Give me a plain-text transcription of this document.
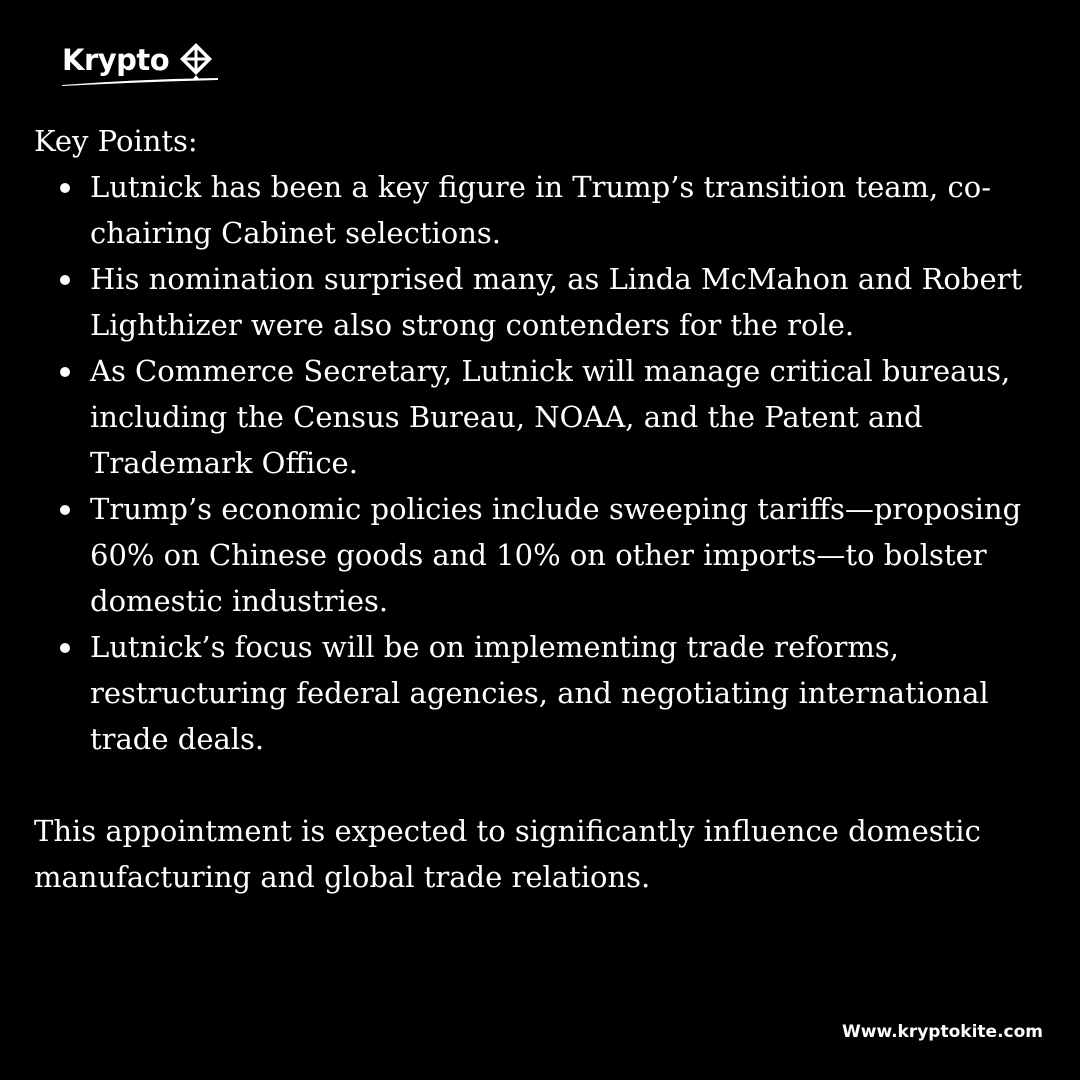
Krypto

Key Points:

Lutnick has been a key figure in Trump’s transition team, co-chairing Cabinet selections.
His nomination surprised many, as Linda McMahon and Robert Lighthizer were also strong contenders for the role.
As Commerce Secretary, Lutnick will manage critical bureaus, including the Census Bureau, NOAA, and the Patent and Trademark Office.
Trump’s economic policies include sweeping tariffs—proposing 60% on Chinese goods and 10% on other imports—to bolster domestic industries.
Lutnick’s focus will be on implementing trade reforms, restructuring federal agencies, and negotiating international trade deals.

This appointment is expected to significantly influence domestic manufacturing and global trade relations.

Www.kryptokite.com
